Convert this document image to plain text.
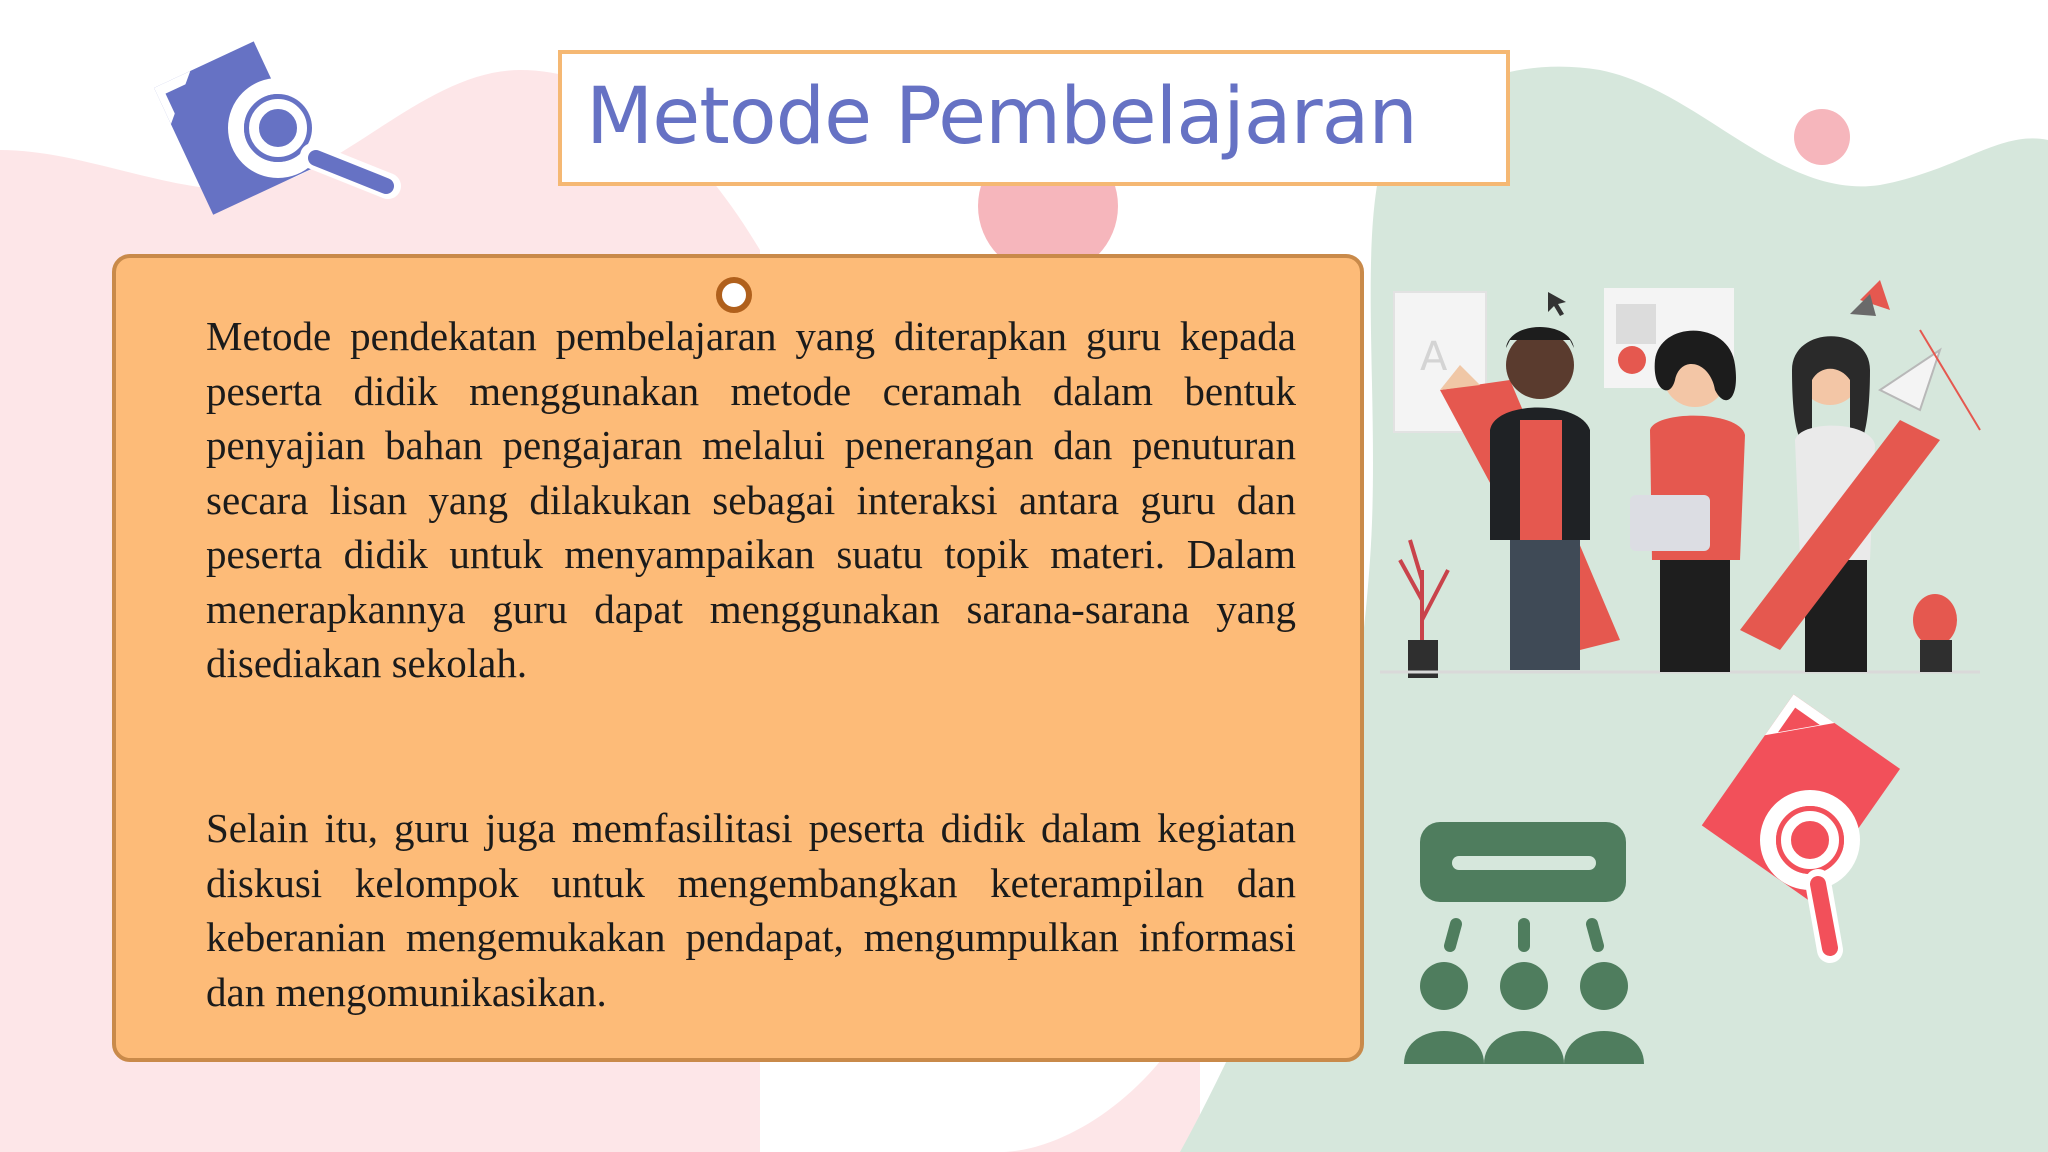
Metode Pembelajaran

Metode pendekatan pembelajaran yang diterapkan guru kepada peserta didik menggunakan metode ceramah dalam bentuk penyajian bahan pengajaran melalui penerangan dan penuturan secara lisan yang dilakukan sebagai interaksi antara guru dan peserta didik untuk menyampaikan suatu topik materi. Dalam menerapkannya guru dapat menggunakan sarana-sarana yang disediakan sekolah.

Selain itu, guru juga memfasilitasi peserta didik dalam kegiatan diskusi kelompok untuk mengembangkan keterampilan dan keberanian mengemukakan pendapat, mengumpulkan informasi dan mengomunikasikan.

A
